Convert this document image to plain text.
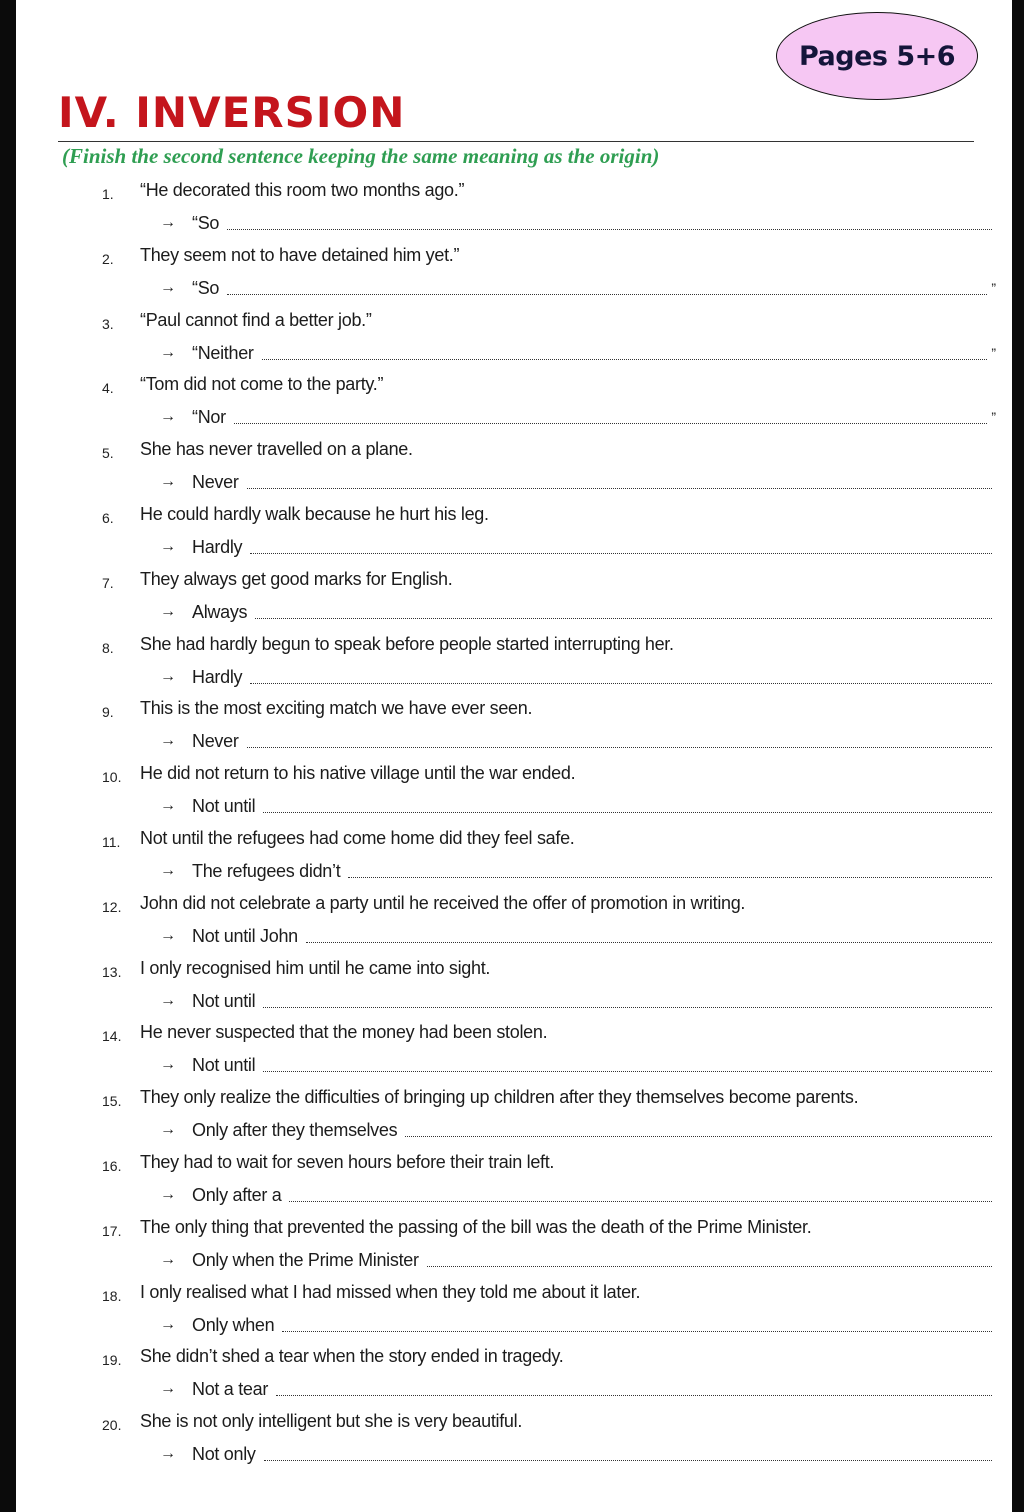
Pages 5+6
IV. INVERSION
(Finish the second sentence keeping the same meaning as the origin)
1.	“He decorated this room two months ago.”
→ “So
2.	They seem not to have detained him yet.”
→ “So	”
3.	“Paul cannot find a better job.”
→ “Neither	”
4.	“Tom did not come to the party.”
→ “Nor	”
5.	She has never travelled on a plane.
→ Never
6.	He could hardly walk because he hurt his leg.
→ Hardly
7.	They always get good marks for English.
→ Always
8.	She had hardly begun to speak before people started interrupting her.
→ Hardly
9.	This is the most exciting match we have ever seen.
→ Never
10.	He did not return to his native village until the war ended.
→ Not until
11.	Not until the refugees had come home did they feel safe.
→ The refugees didn’t
12.	John did not celebrate a party until he received the offer of promotion in writing.
→ Not until John
13.	I only recognised him until he came into sight.
→ Not until
14.	He never suspected that the money had been stolen.
→ Not until
15.	They only realize the difficulties of bringing up children after they themselves become parents.
→ Only after they themselves
16.	They had to wait for seven hours before their train left.
→ Only after a
17.	The only thing that prevented the passing of the bill was the death of the Prime Minister.
→ Only when the Prime Minister
18.	I only realised what I had missed when they told me about it later.
→ Only when
19.	She didn’t shed a tear when the story ended in tragedy.
→ Not a tear
20.	She is not only intelligent but she is very beautiful.
→ Not only
